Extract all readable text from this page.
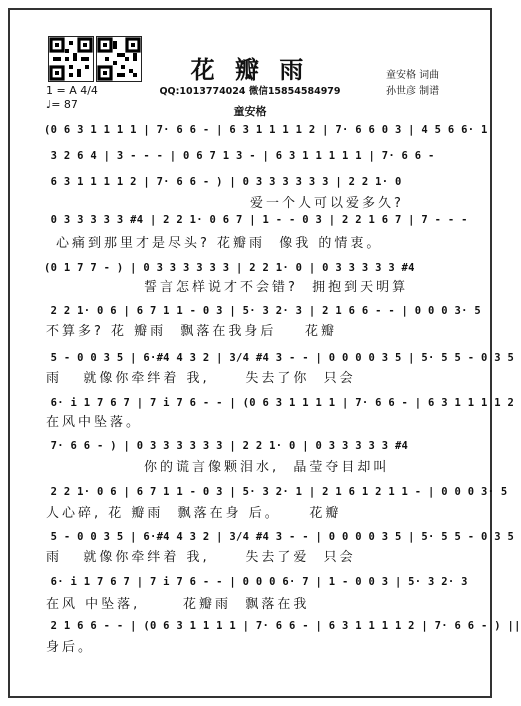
花 瓣 雨
QQ:1013774024 微信15854584979
童安格 词曲
孙世彦 制谱
1 = A 4/4
♩= 87
童安格
(0 6 3 1 1 1 1 | 7· 6 6 - | 6 3 1 1 1 1 2 | 7· 6 6 0 3 | 4 5 6 6· 1
3 2 6 4 | 3 - - - | 0 6 7 1 3 - | 6 3 1 1 1 1 1 | 7· 6 6 -
6 3 1 1 1 1 2 | 7· 6 6 - ) | 0 3 3 3 3 3 3 | 2 2 1· 0
爱一个人可以爱多久?
0 3 3 3 3 3 #4 | 2 2 1· 0 6 7 | 1 - - 0 3 | 2 2 1 6 7 | 7 - - -
心痛到那里才是尽头? 花瓣雨  像我 的情衷。
(0 1 7 7 - ) | 0 3 3 3 3 3 3 | 2 2 1· 0 | 0 3 3 3 3 3 #4
誓言怎样说才不会错?  拥抱到天明算
2 2 1· 0 6 | 6 7 1 1 - 0 3 | 5· 3 2· 3 | 2 1 6 6 - - | 0 0 0 3· 5
不算多? 花 瓣雨  飘落在我身后    花瓣
5 - 0 0 3 5 | 6·#4 4 3 2 | 3/4 #4 3 - - | 0 0 0 0 3 5 | 5· 5 5 - 0 3 5
雨   就像你牵绊着 我,     失去了你  只会
6· i 1 7 6 7 | 7 i 7 6 - - | (0 6 3 1 1 1 1 | 7· 6 6 - | 6 3 1 1 1 1 2
在风中坠落。
7· 6 6 - ) | 0 3 3 3 3 3 3 | 2 2 1· 0 | 0 3 3 3 3 3 #4
你的谎言像颗泪水,  晶莹夺目却叫
2 2 1· 0 6 | 6 7 1 1 - 0 3 | 5· 3 2· 1 | 2 1 6 1 2 1 1 - | 0 0 0 3· 5
人心碎, 花 瓣雨  飘落在身 后。    花瓣
5 - 0 0 3 5 | 6·#4 4 3 2 | 3/4 #4 3 - - | 0 0 0 0 3 5 | 5· 5 5 - 0 3 5
雨   就像你牵绊着 我,     失去了爱  只会
6· i 1 7 6 7 | 7 i 7 6 - - | 0 0 0 6· 7 | 1 - 0 0 3 | 5· 3 2· 3
在风 中坠落,      花瓣雨  飘落在我
2 1 6 6 - - | (0 6 3 1 1 1 1 | 7· 6 6 - | 6 3 1 1 1 1 2 | 7· 6 6 - ) ||
身后。
